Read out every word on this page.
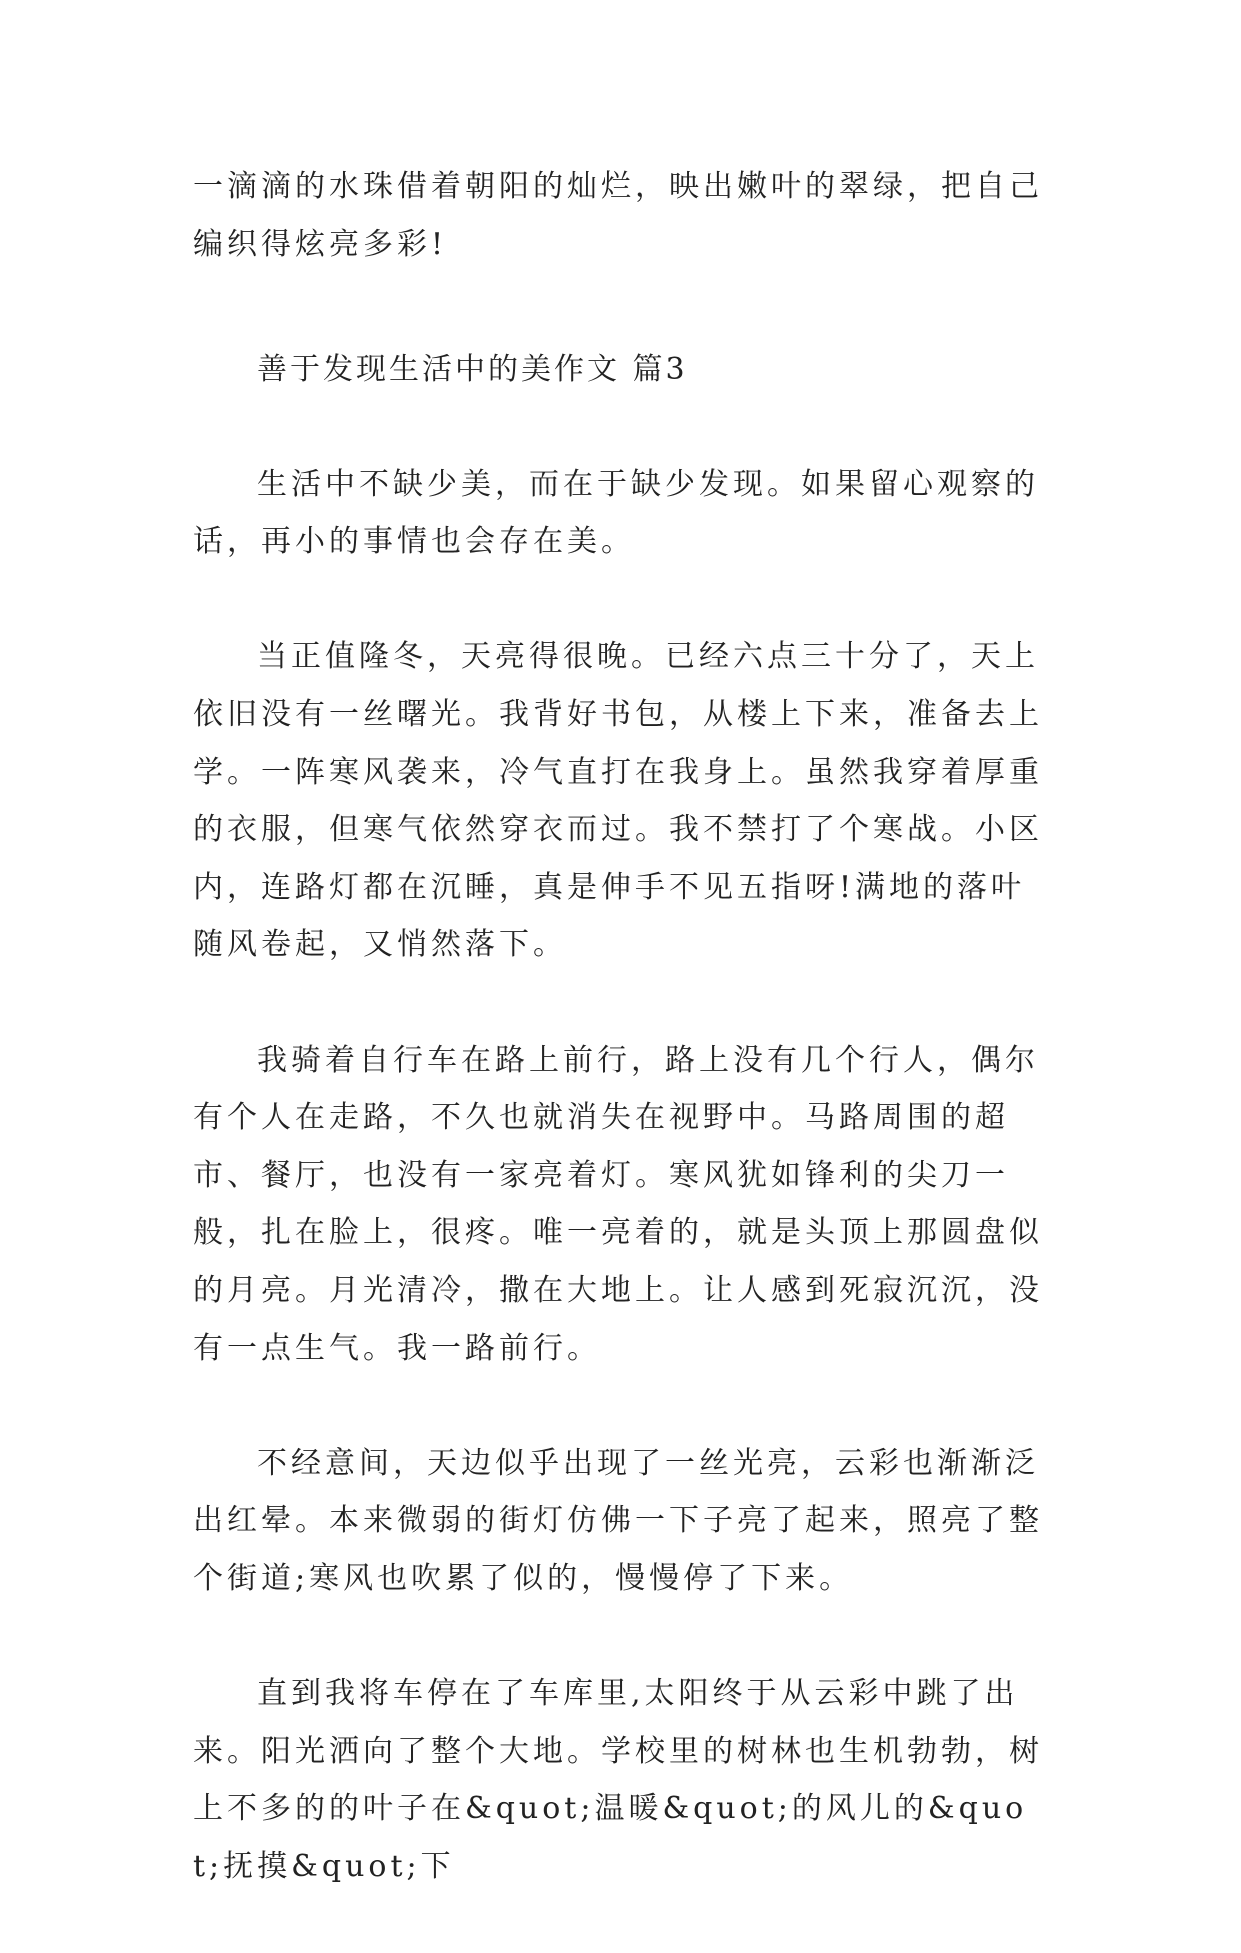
一滴滴的水珠借着朝阳的灿烂，映出嫩叶的翠绿，把自己编织得炫亮多彩!

善于发现生活中的美作文 篇3

生活中不缺少美，而在于缺少发现。如果留心观察的话，再小的事情也会存在美。

当正值隆冬，天亮得很晚。已经六点三十分了，天上依旧没有一丝曙光。我背好书包，从楼上下来，准备去上学。一阵寒风袭来，冷气直打在我身上。虽然我穿着厚重的衣服，但寒气依然穿衣而过。我不禁打了个寒战。小区内，连路灯都在沉睡，真是伸手不见五指呀!满地的落叶随风卷起，又悄然落下。

我骑着自行车在路上前行，路上没有几个行人，偶尔有个人在走路，不久也就消失在视野中。马路周围的超市、餐厅，也没有一家亮着灯。寒风犹如锋利的尖刀一般，扎在脸上，很疼。唯一亮着的，就是头顶上那圆盘似的月亮。月光清冷，撒在大地上。让人感到死寂沉沉，没有一点生气。我一路前行。

不经意间，天边似乎出现了一丝光亮，云彩也渐渐泛出红晕。本来微弱的街灯仿佛一下子亮了起来，照亮了整个街道;寒风也吹累了似的，慢慢停了下来。

直到我将车停在了车库里,太阳终于从云彩中跳了出来。阳光洒向了整个大地。学校里的树林也生机勃勃，树上不多的的叶子在&quot;温暖&quot;的风儿的&quot;抚摸&quot;下
